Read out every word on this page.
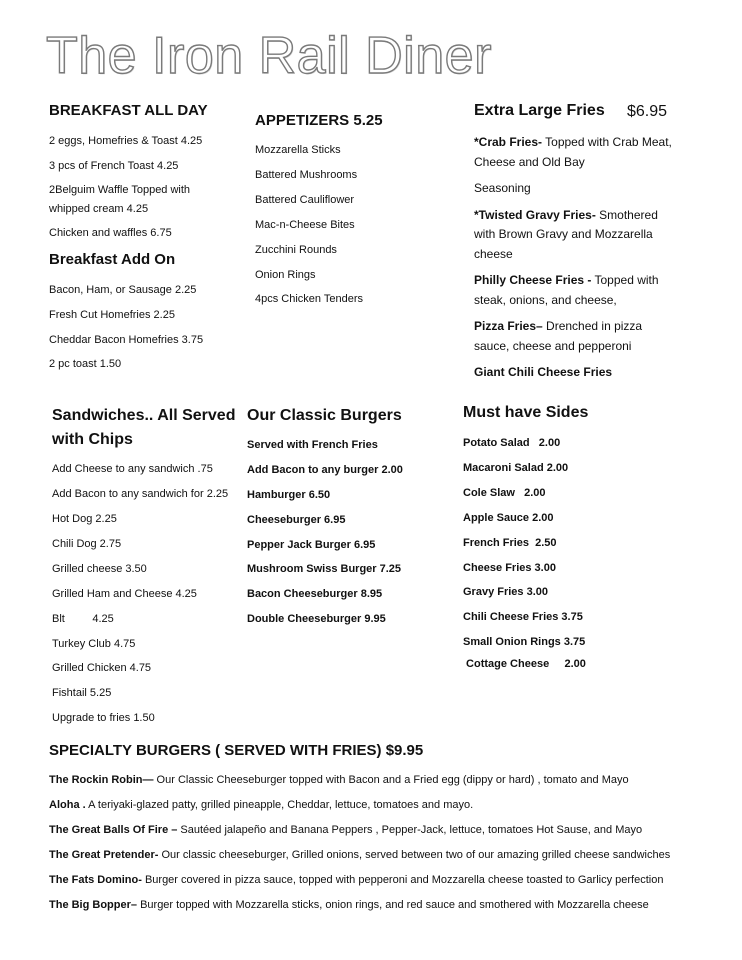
The Iron Rail Diner
BREAKFAST ALL DAY
2 eggs, Homefries & Toast 4.25
3 pcs of French Toast 4.25
2Belguim Waffle Topped with
whipped cream 4.25
Chicken and waffles 6.75
Breakfast Add On
Bacon, Ham, or Sausage 2.25
Fresh Cut Homefries 2.25
Cheddar Bacon Homefries 3.75
2 pc toast 1.50
APPETIZERS 5.25
Mozzarella Sticks
Battered Mushrooms
Battered Cauliflower
Mac-n-Cheese Bites
Zucchini Rounds
Onion Rings
4pcs Chicken Tenders
Extra Large Fries $6.95
*Crab Fries- Topped with Crab Meat, Cheese and Old Bay
Seasoning
*Twisted Gravy Fries- Smothered with Brown Gravy and Mozzarella cheese
Philly Cheese Fries - Topped with steak, onions, and cheese,
Pizza Fries– Drenched in pizza sauce, cheese and pepperoni
Giant Chili Cheese Fries
Sandwiches.. All Served
with Chips
Add Cheese to any sandwich .75
Add Bacon to any sandwich for 2.25
Hot Dog 2.25
Chili Dog 2.75
Grilled cheese 3.50
Grilled Ham and Cheese 4.25
Blt         4.25
Turkey Club 4.75
Grilled Chicken 4.75
Fishtail 5.25
Upgrade to fries 1.50
Our Classic Burgers
Served with French Fries
Add Bacon to any burger 2.00
Hamburger 6.50
Cheeseburger 6.95
Pepper Jack Burger 6.95
Mushroom Swiss Burger 7.25
Bacon Cheeseburger 8.95
Double Cheeseburger 9.95
Must have Sides
Potato Salad   2.00
Macaroni Salad 2.00
Cole Slaw   2.00
Apple Sauce 2.00
French Fries  2.50
Cheese Fries 3.00
Gravy Fries 3.00
Chili Cheese Fries 3.75
Small Onion Rings 3.75
Cottage Cheese     2.00
SPECIALTY BURGERS ( SERVED WITH FRIES) $9.95
The Rockin Robin— Our Classic Cheeseburger topped with Bacon and a Fried egg (dippy or hard) , tomato and Mayo
Aloha . A teriyaki-glazed patty, grilled pineapple, Cheddar, lettuce, tomatoes and mayo.
The Great Balls Of Fire – Sautéed jalapeño and Banana Peppers , Pepper-Jack, lettuce, tomatoes Hot Sause, and Mayo
The Great Pretender- Our classic cheeseburger, Grilled onions, served between two of our amazing grilled cheese sandwiches
The Fats Domino- Burger covered in pizza sauce, topped with pepperoni and Mozzarella cheese toasted to Garlicy perfection
The Big Bopper– Burger topped with Mozzarella sticks, onion rings, and red sauce and smothered with Mozzarella cheese
